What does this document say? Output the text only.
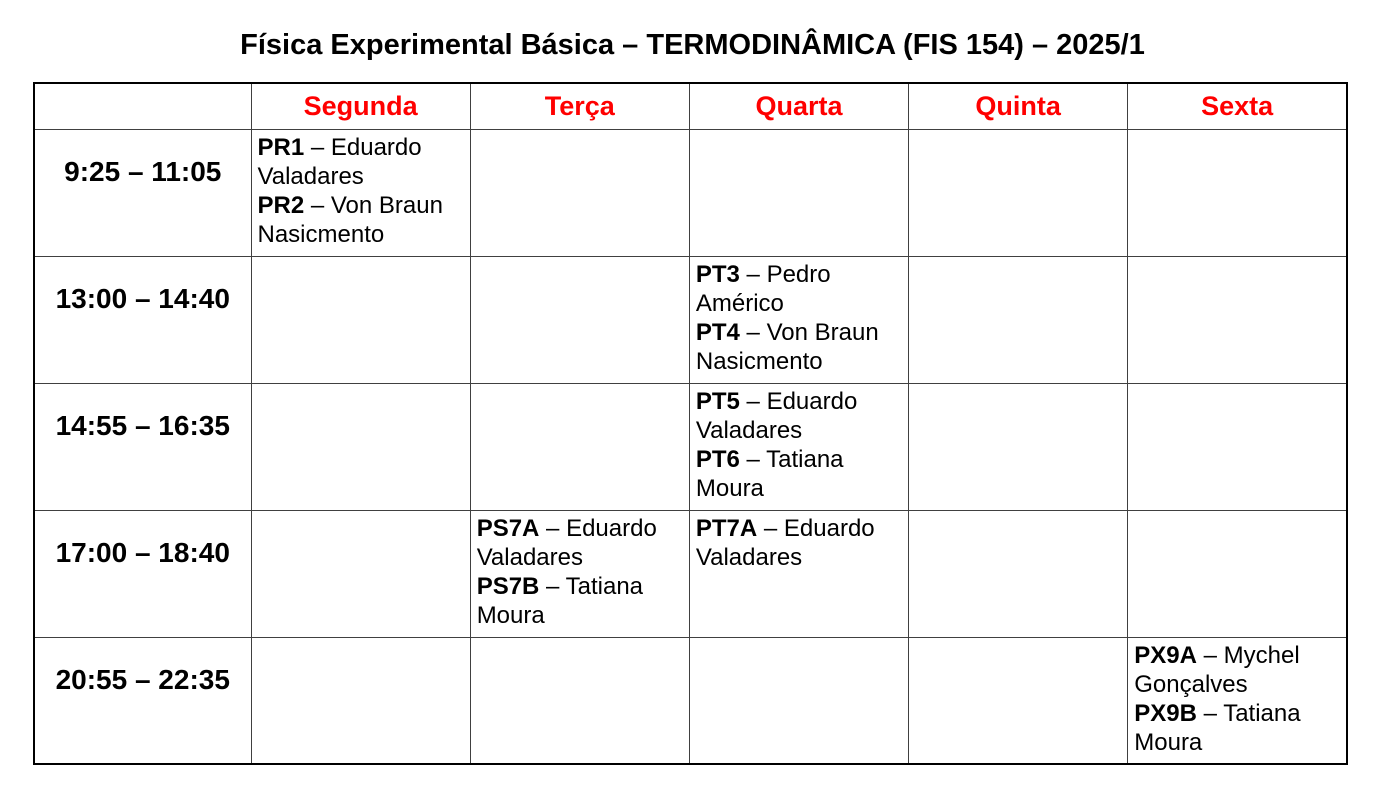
Física Experimental Básica – TERMODINÂMICA (FIS 154) – 2025/1
	Segunda	Terça	Quarta	Quinta	Sexta
9:25 – 11:05	PR1 – Eduardo Valadares
PR2 – Von Braun Nasicmento				

13:00 – 14:40			PT3 – Pedro Américo
PT4 – Von Braun Nasicmento		

14:55 – 16:35			PT5 – Eduardo Valadares
PT6 – Tatiana Moura		

17:00 – 18:40		PS7A – Eduardo Valadares
PS7B – Tatiana Moura	PT7A – Eduardo Valadares		

20:55 – 22:35					PX9A – Mychel Gonçalves
PX9B – Tatiana Moura
